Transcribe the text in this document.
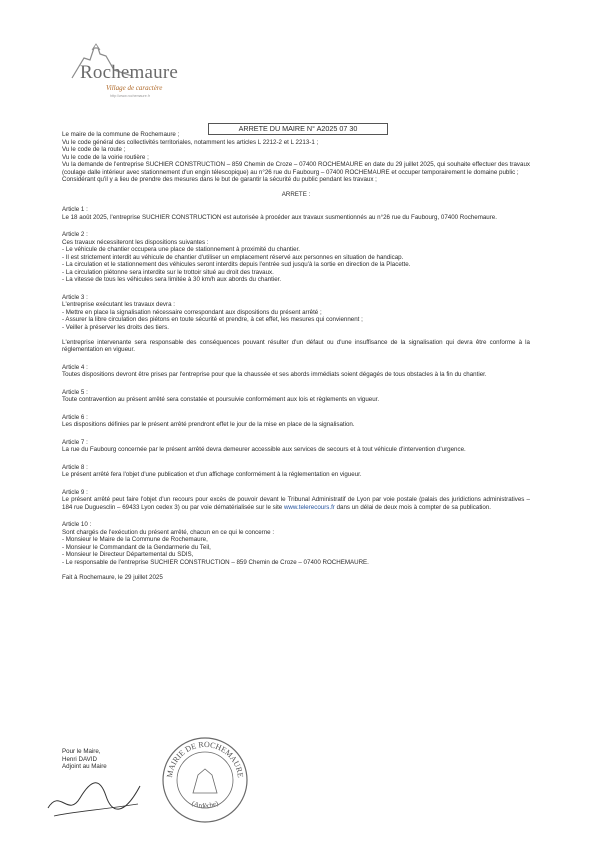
Rochemaure
Village de caractère
http://www.rochemaure.fr
ARRETE DU MAIRE N° A2025 07 30

Le maire de la commune de Rochemaure ;

Vu le code général des collectivités territoriales, notamment les articles L 2212-2 et L 2213-1 ;

Vu le code de la route ;

Vu le code de la voirie routière ;

Vu la demande de l'entreprise SUCHIER CONSTRUCTION – 859 Chemin de Croze – 07400 ROCHEMAURE en date du 29 juillet 2025, qui souhaite effectuer des travaux (coulage dalle intérieur avec stationnement d'un engin télescopique) au n°26 rue du Faubourg – 07400 ROCHEMAURE et occuper temporairement le domaine public ;

Considérant qu'il y a lieu de prendre des mesures dans le but de garantir la sécurité du public pendant les travaux ;

ARRETE :

Article 1 :

Le 18 août 2025, l'entreprise SUCHIER CONSTRUCTION est autorisée à procéder aux travaux susmentionnés au n°26 rue du Faubourg, 07400 Rochemaure.

Article 2 :

Ces travaux nécessiteront les dispositions suivantes :

- Le véhicule de chantier occupera une place de stationnement à proximité du chantier.

- Il est strictement interdit au véhicule de chantier d'utiliser un emplacement réservé aux personnes en situation de handicap.

- La circulation et le stationnement des véhicules seront interdits depuis l'entrée sud jusqu'à la sortie en direction de la Placette.

- La circulation piétonne sera interdite sur le trottoir situé au droit des travaux.

- La vitesse de tous les véhicules sera limitée à 30 km/h aux abords du chantier.

Article 3 :

L'entreprise exécutant les travaux devra :

- Mettre en place la signalisation nécessaire correspondant aux dispositions du présent arrêté ;

- Assurer la libre circulation des piétons en toute sécurité et prendre, à cet effet, les mesures qui conviennent ;

- Veiller à préserver les droits des tiers.

L'entreprise intervenante sera responsable des conséquences pouvant résulter d'un défaut ou d'une insuffisance de la signalisation qui devra être conforme à la réglementation en vigueur.

Article 4 :

Toutes dispositions devront être prises par l'entreprise pour que la chaussée et ses abords immédiats soient dégagés de tous obstacles à la fin du chantier.

Article 5 :

Toute contravention au présent arrêté sera constatée et poursuivie conformément aux lois et règlements en vigueur.

Article 6 :

Les dispositions définies par le présent arrêté prendront effet le jour de la mise en place de la signalisation.

Article 7 :

La rue du Faubourg concernée par le présent arrêté devra demeurer accessible aux services de secours et à tout véhicule d'intervention d'urgence.

Article 8 :

Le présent arrêté fera l'objet d'une publication et d'un affichage conformément à la réglementation en vigueur.

Article 9 :

Le présent arrêté peut faire l'objet d'un recours pour excès de pouvoir devant le Tribunal Administratif de Lyon par voie postale (palais des juridictions administratives – 184 rue Duguesclin – 69433 Lyon cedex 3) ou par voie dématérialisée sur le site www.telerecours.fr dans un délai de deux mois à compter de sa publication.

Article 10 :

Sont chargés de l'exécution du présent arrêté, chacun en ce qui le concerne :

- Monsieur le Maire de la Commune de Rochemaure,

- Monsieur le Commandant de la Gendarmerie du Teil,

- Monsieur le Directeur Départemental du SDIS,

- Le responsable de l'entreprise SUCHIER CONSTRUCTION – 859 Chemin de Croze – 07400 ROCHEMAURE.

Fait à Rochemaure, le 29 juillet 2025

Pour le Maire,

Henri DAVID

Adjoint au Maire

MAIRIE DE ROCHEMAURE
(Ardèche)
